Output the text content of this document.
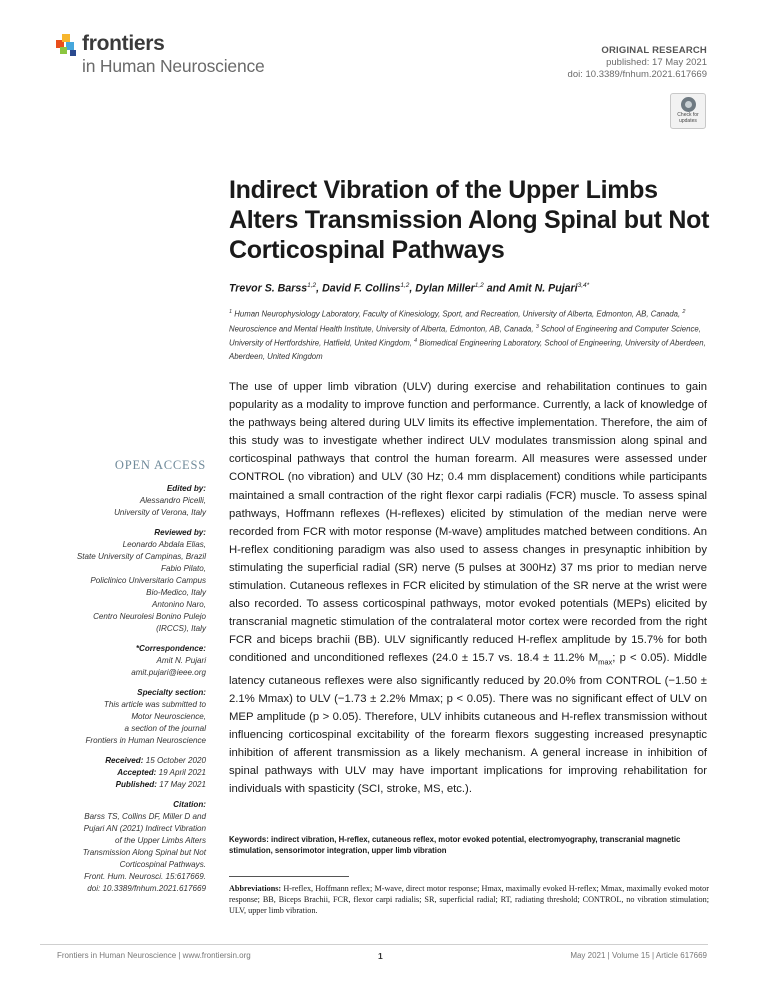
frontiers
in Human Neuroscience
ORIGINAL RESEARCH
published: 17 May 2021
doi: 10.3389/fnhum.2021.617669
Check for updates
Indirect Vibration of the Upper Limbs Alters Transmission Along Spinal but Not Corticospinal Pathways
Trevor S. Barss$^{1,2}$, David F. Collins$^{1,2}$, Dylan Miller$^{1,2}$ and Amit N. Pujari$^{3,4*}$
$^1$ Human Neurophysiology Laboratory, Faculty of Kinesiology, Sport, and Recreation, University of Alberta, Edmonton, AB, Canada, $^2$ Neuroscience and Mental Health Institute, University of Alberta, Edmonton, AB, Canada, $^3$ School of Engineering and Computer Science, University of Hertfordshire, Hatfield, United Kingdom, $^4$ Biomedical Engineering Laboratory, School of Engineering, University of Aberdeen, Aberdeen, United Kingdom
The use of upper limb vibration (ULV) during exercise and rehabilitation continues to gain popularity as a modality to improve function and performance. Currently, a lack of knowledge of the pathways being altered during ULV limits its effective implementation. Therefore, the aim of this study was to investigate whether indirect ULV modulates transmission along spinal and corticospinal pathways that control the human forearm. All measures were assessed under CONTROL (no vibration) and ULV (30 Hz; 0.4 mm displacement) conditions while participants maintained a small contraction of the right flexor carpi radialis (FCR) muscle. To assess spinal pathways, Hoffmann reflexes (H-reflexes) elicited by stimulation of the median nerve were recorded from FCR with motor response (M-wave) amplitudes matched between conditions. An H-reflex conditioning paradigm was also used to assess changes in presynaptic inhibition by stimulating the superficial radial (SR) nerve (5 pulses at 300Hz) 37 ms prior to median nerve stimulation. Cutaneous reflexes in FCR elicited by stimulation of the SR nerve at the wrist were also recorded. To assess corticospinal pathways, motor evoked potentials (MEPs) elicited by transcranial magnetic stimulation of the contralateral motor cortex were recorded from the right FCR and biceps brachii (BB). ULV significantly reduced H-reflex amplitude by 15.7% for both conditioned and unconditioned reflexes (24.0 ± 15.7 vs. 18.4 ± 11.2% $M_{max}$; p < 0.05). Middle latency cutaneous reflexes were also significantly reduced by 20.0% from CONTROL (−1.50 ± 2.1% Mmax) to ULV (−1.73 ± 2.2% Mmax; p < 0.05). There was no significant effect of ULV on MEP amplitude (p > 0.05). Therefore, ULV inhibits cutaneous and H-reflex transmission without influencing corticospinal excitability of the forearm flexors suggesting increased presynaptic inhibition of afferent transmission as a likely mechanism. A general increase in inhibition of spinal pathways with ULV may have important implications for improving rehabilitation for individuals with spasticity (SCI, stroke, MS, etc.).
Keywords: indirect vibration, H-reflex, cutaneous reflex, motor evoked potential, electromyography, transcranial magnetic stimulation, sensorimotor integration, upper limb vibration
Abbreviations: H-reflex, Hoffmann reflex; M-wave, direct motor response; Hmax, maximally evoked H-reflex; Mmax, maximally evoked motor response; BB, Biceps Brachii, FCR, flexor carpi radialis; SR, superficial radial; RT, radiating threshold; CONTROL, no vibration stimulation; ULV, upper limb vibration.
OPEN ACCESS
Edited by:
Alessandro Picelli,
University of Verona, Italy
Reviewed by:
Leonardo Abdala Elias,
State University of Campinas, Brazil
Fabio Pilato,
Policlinico Universitario Campus
Bio-Medico, Italy
Antonino Naro,
Centro Neurolesi Bonino Pulejo
(IRCCS), Italy
*Correspondence:
Amit N. Pujari
amit.pujari@ieee.org
Specialty section:
This article was submitted to
Motor Neuroscience,
a section of the journal
Frontiers in Human Neuroscience
Received: 15 October 2020
Accepted: 19 April 2021
Published: 17 May 2021
Citation:
Barss TS, Collins DF, Miller D and
Pujari AN (2021) Indirect Vibration
of the Upper Limbs Alters
Transmission Along Spinal but Not
Corticospinal Pathways.
Front. Hum. Neurosci. 15:617669.
doi: 10.3389/fnhum.2021.617669
Frontiers in Human Neuroscience | www.frontiersin.org	1	May 2021 | Volume 15 | Article 617669
